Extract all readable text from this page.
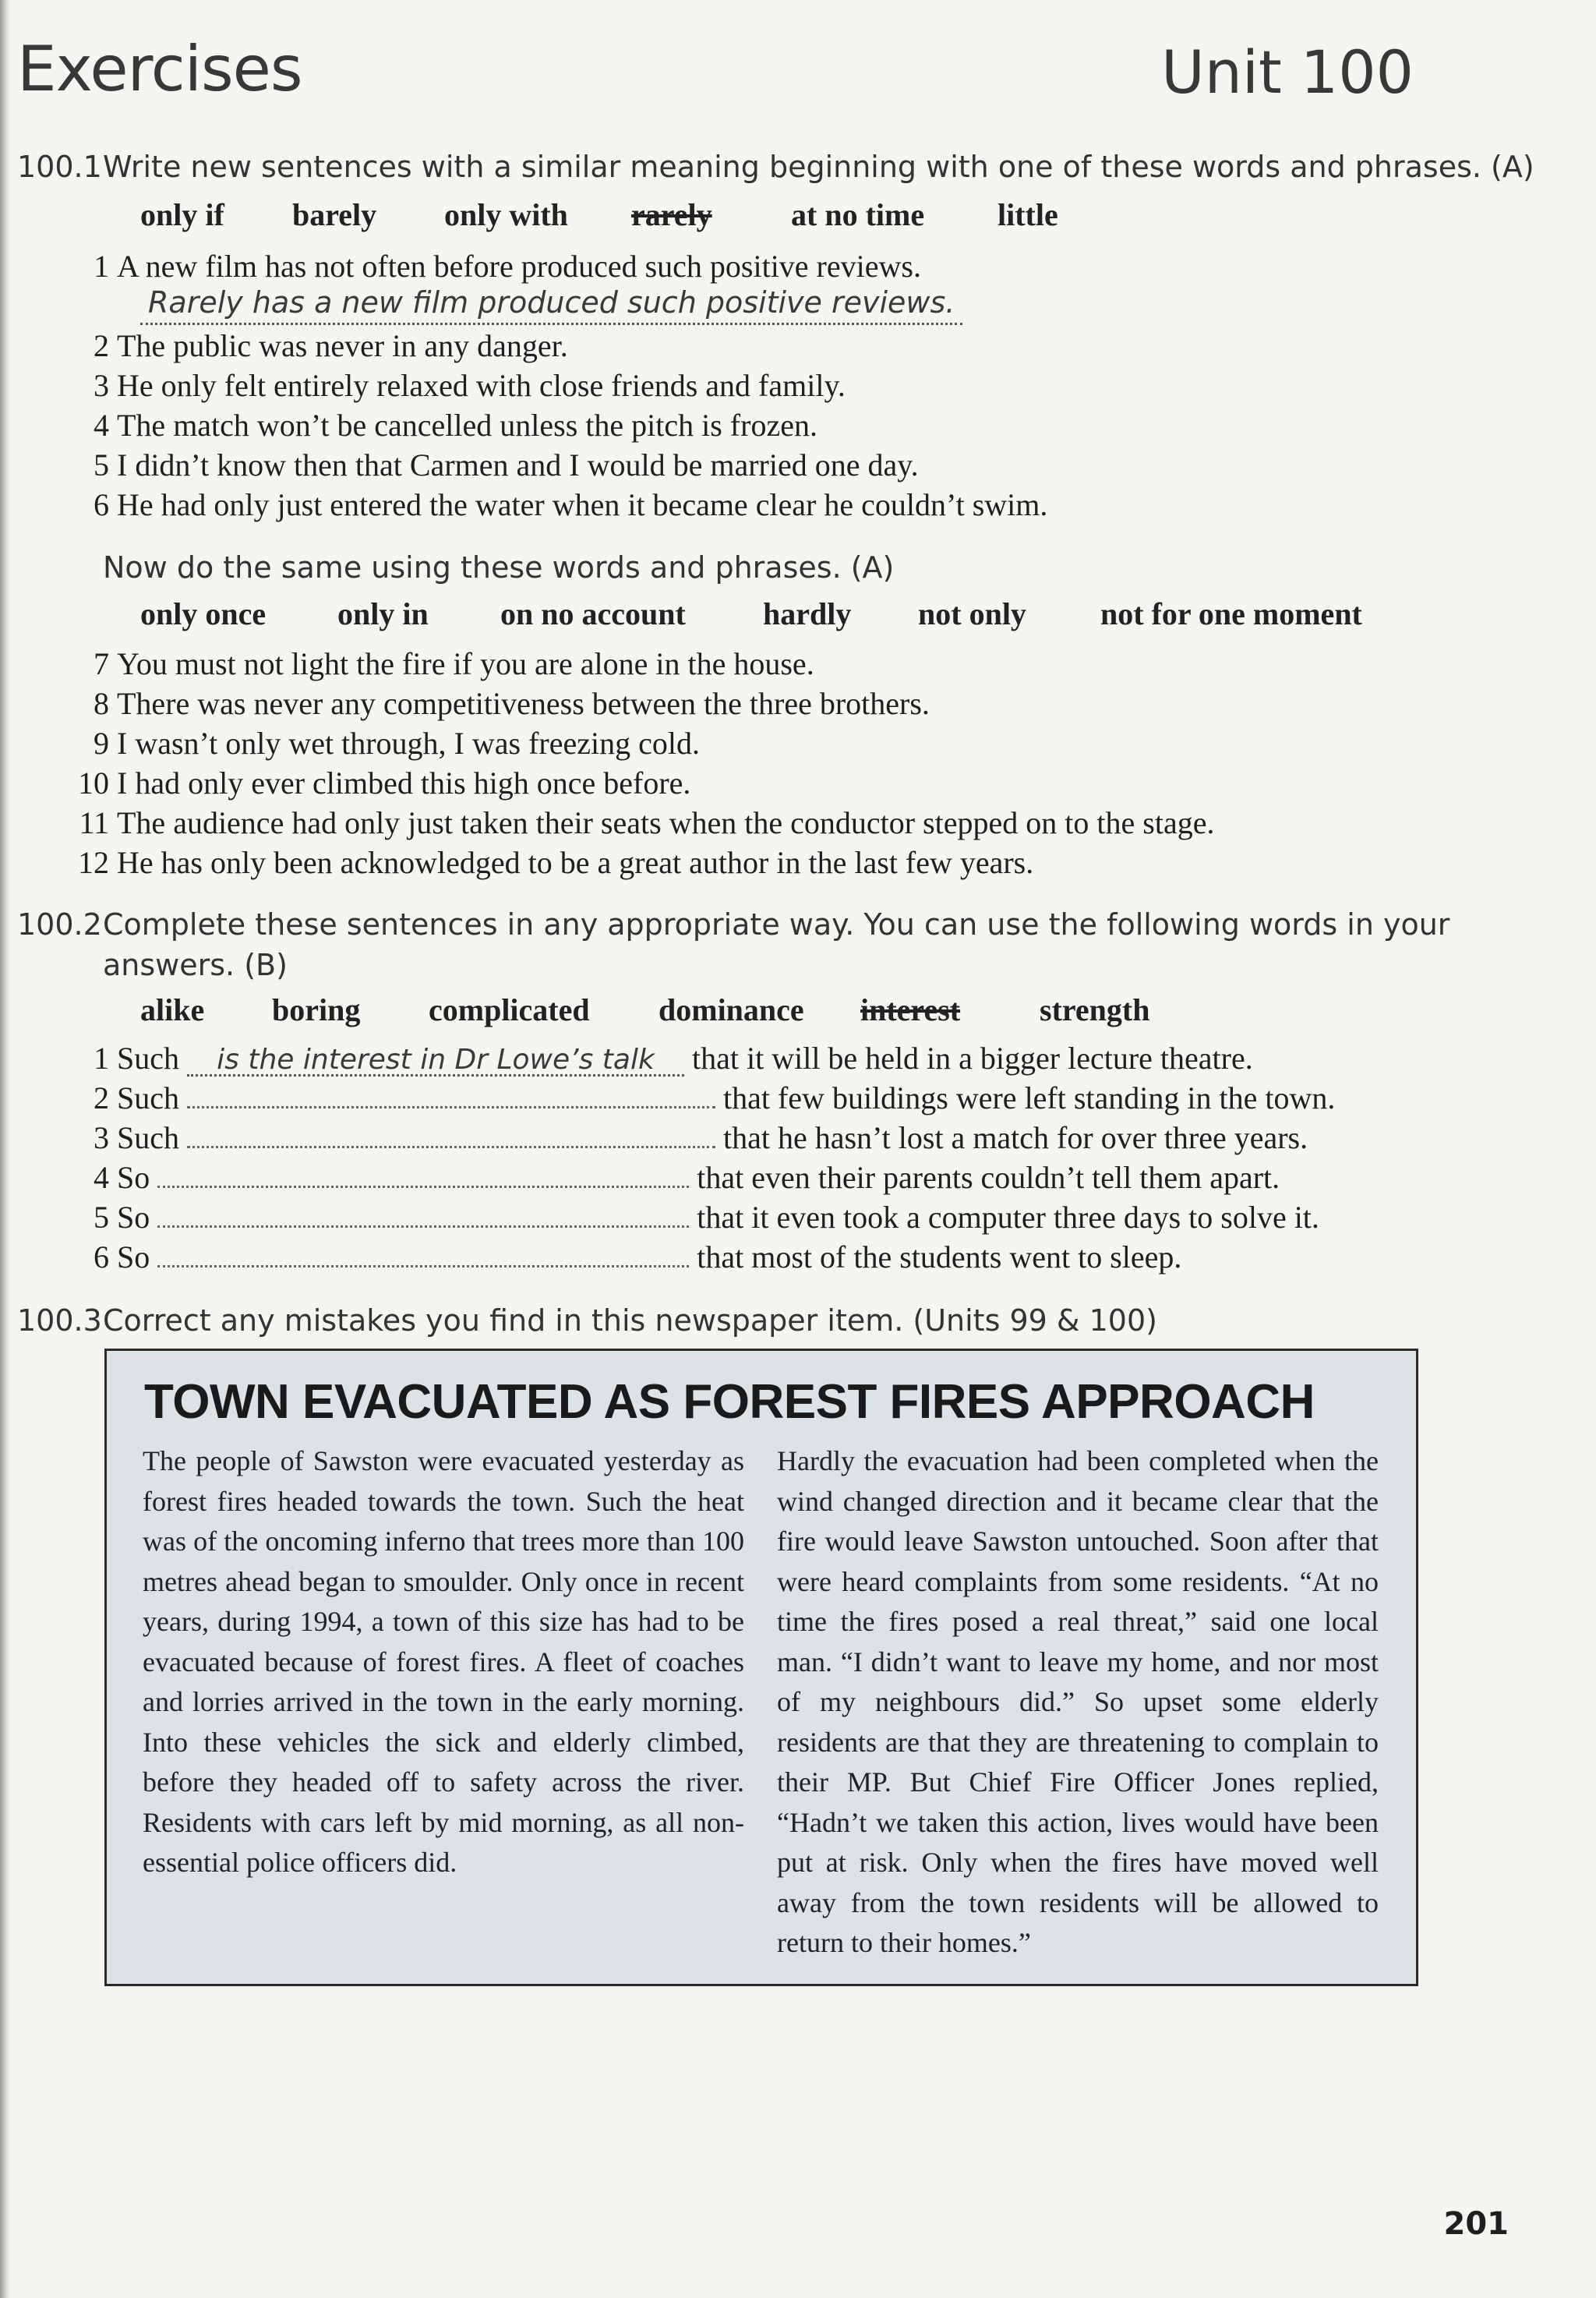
Exercises	Unit 100
100.1 Write new sentences with a similar meaning beginning with one of these words and phrases. (A)
only if barely only with rarely	at no time little
1 A new film has not often before produced such positive reviews.
Rarely has a new film produced such positive reviews.
2 The public was never in any danger.
3 He only felt entirely relaxed with close friends and family.
4 The match won’t be cancelled unless the pitch is frozen.
5 I didn’t know then that Carmen and I would be married one day.
6 He had only just entered the water when it became clear he couldn’t swim.
Now do the same using these words and phrases. (A)
only once only in on no account hardly not only not for one moment
7 You must not light the fire if you are alone in the house.
8 There was never any competitiveness between the three brothers.
9 I wasn’t only wet through, I was freezing cold.
10 I had only ever climbed this high once before.
11 The audience had only just taken their seats when the conductor stepped on to the stage.
12 He has only been acknowledged to be a great author in the last few years.
100.2 Complete these sentences in any appropriate way. You can use the following words in your
answers. (B)
alike boring complicated dominance interest	strength
1 Such is the interest in Dr Lowe’s talk that it will be held in a bigger lecture theatre.
2 Such	that few buildings were left standing in the town.
3 Such	that he hasn’t lost a match for over three years.
4 So	that even their parents couldn’t tell them apart.
5 So	that it even took a computer three days to solve it.
6 So	that most of the students went to sleep.
100.3 Correct any mistakes you find in this newspaper item. (Units 99 & 100)
TOWN EVACUATED AS FOREST FIRES APPROACH
The people of Sawston were evacuated yesterday as forest fires headed towards the town. Such the heat was of the oncoming inferno that trees more than 100 metres ahead began to smoulder. Only once in recent years, during 1994, a town of this size has had to be evacuated because of forest fires. A fleet of coaches and lorries arrived in the town in the early morning. Into these vehicles the sick and elderly climbed, before they headed off to safety across the river. Residents with cars left by mid morning, as all non-essential police officers did.
Hardly the evacuation had been completed when the wind changed direction and it became clear that the fire would leave Sawston untouched. Soon after that were heard complaints from some residents. “At no time the fires posed a real threat,” said one local man. “I didn’t want to leave my home, and nor most of my neighbours did.” So upset some elderly residents are that they are threatening to complain to their MP. But Chief Fire Officer Jones replied, “Hadn’t we taken this action, lives would have been put at risk. Only when the fires have moved well away from the town residents will be allowed to return to their homes.”
201
